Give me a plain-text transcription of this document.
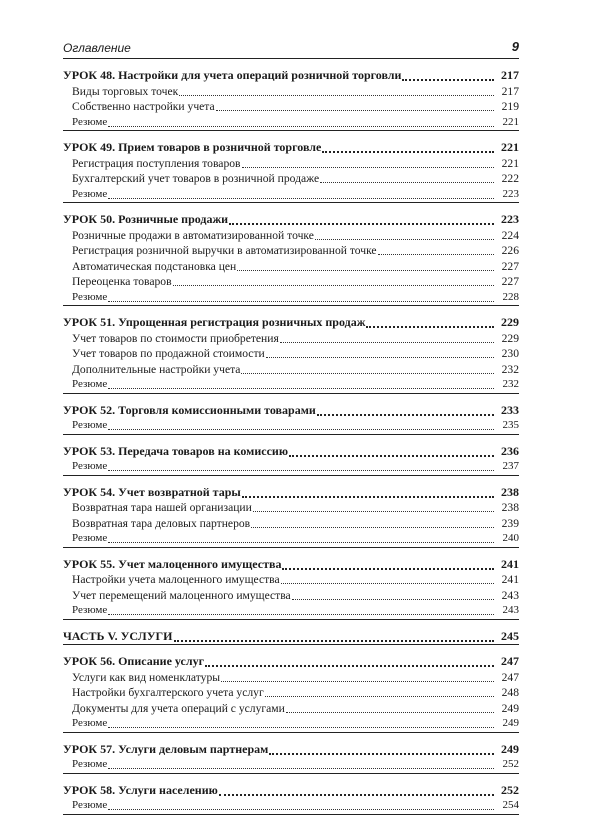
Оглавление	9
УРОК 48. Настройки для учета операций розничной торговли	217
Виды торговых точек	217
Собственно настройки учета	219
Резюме	221
УРОК 49. Прием товаров в розничной торговле	221
Регистрация поступления товаров	221
Бухгалтерский учет товаров в розничной продаже	222
Резюме	223
УРОК 50. Розничные продажи	223
Розничные продажи в автоматизированной точке	224
Регистрация розничной выручки в автоматизированной точке	226
Автоматическая подстановка цен	227
Переоценка товаров	227
Резюме	228
УРОК 51. Упрощенная регистрация розничных продаж	229
Учет товаров по стоимости приобретения	229
Учет товаров по продажной стоимости	230
Дополнительные настройки учета	232
Резюме	232
УРОК 52. Торговля комиссионными товарами	233
Резюме	235
УРОК 53. Передача товаров на комиссию	236
Резюме	237
УРОК 54. Учет возвратной тары	238
Возвратная тара нашей организации	238
Возвратная тара деловых партнеров	239
Резюме	240
УРОК 55. Учет малоценного имущества	241
Настройки учета малоценного имущества	241
Учет перемещений малоценного имущества	243
Резюме	243
ЧАСТЬ V. УСЛУГИ	245
УРОК 56. Описание услуг	247
Услуги как вид номенклатуры	247
Настройки бухгалтерского учета услуг	248
Документы для учета операций с услугами	249
Резюме	249
УРОК 57. Услуги деловым партнерам	249
Резюме	252
УРОК 58. Услуги населению	252
Резюме	254
